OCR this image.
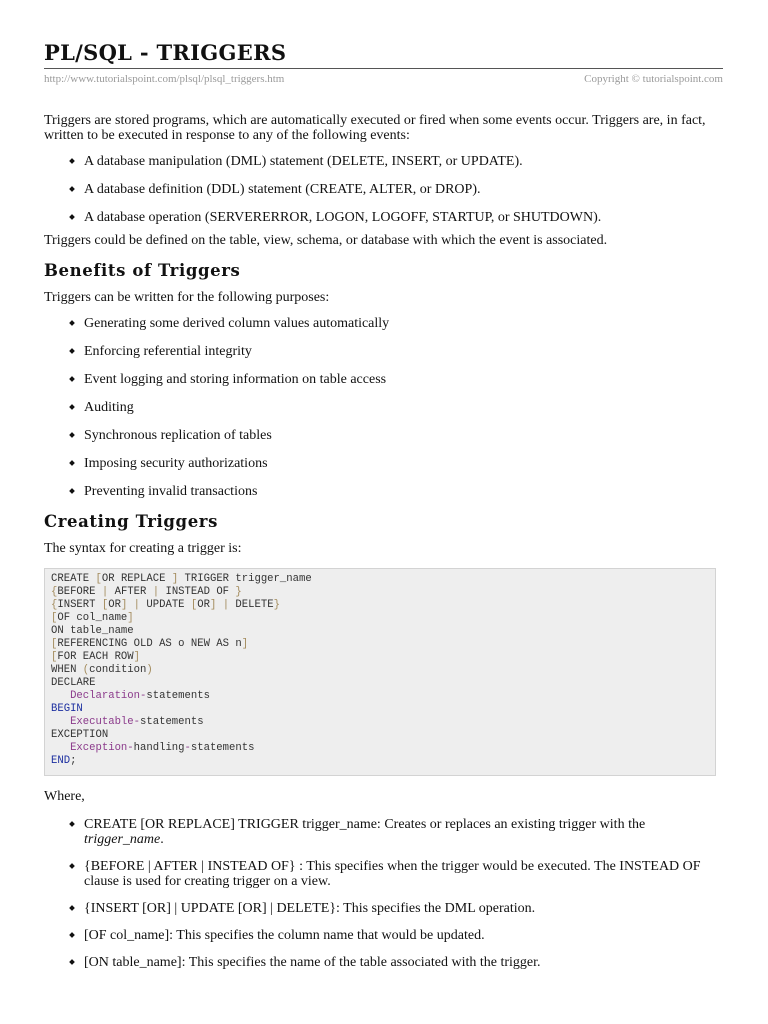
PL/SQL - TRIGGERS
http://www.tutorialspoint.com/plsql/plsql_triggers.htm	Copyright © tutorialspoint.com

Triggers are stored programs, which are automatically executed or fired when some events occur. Triggers are, in fact, written to be executed in response to any of the following events:

A database manipulation (DML) statement (DELETE, INSERT, or UPDATE).
A database definition (DDL) statement (CREATE, ALTER, or DROP).
A database operation (SERVERERROR, LOGON, LOGOFF, STARTUP, or SHUTDOWN).

Triggers could be defined on the table, view, schema, or database with which the event is associated.

Benefits of Triggers

Triggers can be written for the following purposes:

Generating some derived column values automatically
Enforcing referential integrity
Event logging and storing information on table access
Auditing
Synchronous replication of tables
Imposing security authorizations
Preventing invalid transactions
Creating Triggers

The syntax for creating a trigger is:

CREATE [OR REPLACE ] TRIGGER trigger_name
{BEFORE | AFTER | INSTEAD OF }
{INSERT [OR] | UPDATE [OR] | DELETE}
[OF col_name]
ON table_name
[REFERENCING OLD AS o NEW AS n]
[FOR EACH ROW]
WHEN (condition)
DECLARE
Declaration-statements
BEGIN
Executable-statements
EXCEPTION
Exception-handling-statements
END;

Where,

CREATE [OR REPLACE] TRIGGER trigger_name: Creates or replaces an existing trigger with the trigger_name.
{BEFORE | AFTER | INSTEAD OF} : This specifies when the trigger would be executed. The INSTEAD OF clause is used for creating trigger on a view.
{INSERT [OR] | UPDATE [OR] | DELETE}: This specifies the DML operation.
[OF col_name]: This specifies the column name that would be updated.
[ON table_name]: This specifies the name of the table associated with the trigger.
